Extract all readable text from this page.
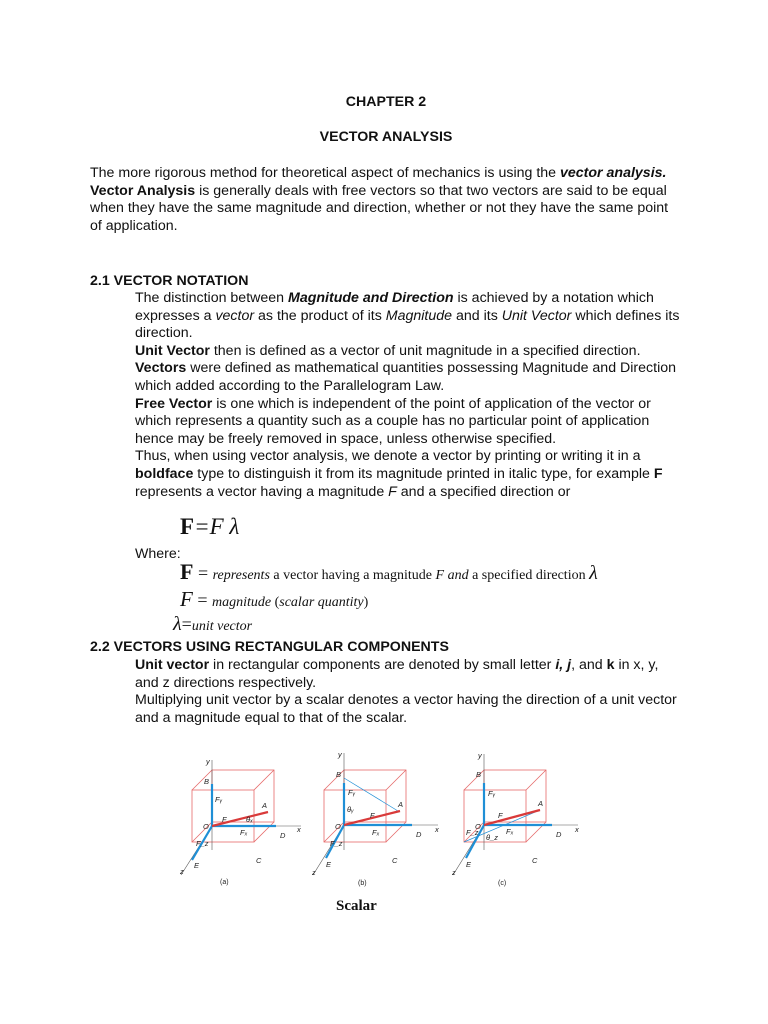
CHAPTER 2
VECTOR ANALYSIS
The more rigorous method for theoretical aspect of mechanics is using the vector analysis. Vector Analysis is generally deals with free vectors so that two vectors are said to be equal when they have the same magnitude and direction, whether or not they have the same point of application.
2.1 VECTOR NOTATION
The distinction between Magnitude and Direction is achieved by a notation which expresses a vector as the product of its Magnitude and its Unit Vector which defines its direction.
Unit Vector then is defined as a vector of unit magnitude in a specified direction.
Vectors were defined as mathematical quantities possessing Magnitude and Direction which added according to the Parallelogram Law.
Free Vector is one which is independent of the point of application of the vector or which represents a quantity such as a couple has no particular point of application hence may be freely removed in space, unless otherwise specified.
Thus, when using vector analysis, we denote a vector by printing or writing it in a boldface type to distinguish it from its magnitude printed in italic type, for example F represents a vector having a magnitude F and a specified direction or
F=F λ
Where:
F = represents a vector having a magnitude F and a specified direction λ
F = magnitude (scalar quantity)
λ=unit vector
2.2 VECTORS USING RECTANGULAR COMPONENTS
Unit vector in rectangular components are denoted by small letter i, j, and k in x, y, and z directions respectively.
Multiplying unit vector by a scalar denotes a vector having the direction of a unit vector and a magnitude equal to that of the scalar.
y
x
z
O
B
A
D
C
E
F
Fᵧ
Fₓ
F_z
θₓ
(a)
y
x
z
O
B
A
D
C
E
F
Fᵧ
Fₓ
F_z
θᵧ
(b)
y
x
z
O
B
A
D
C
E
F
Fᵧ
Fₓ
F_z
θ_z
(c)
Scalar
